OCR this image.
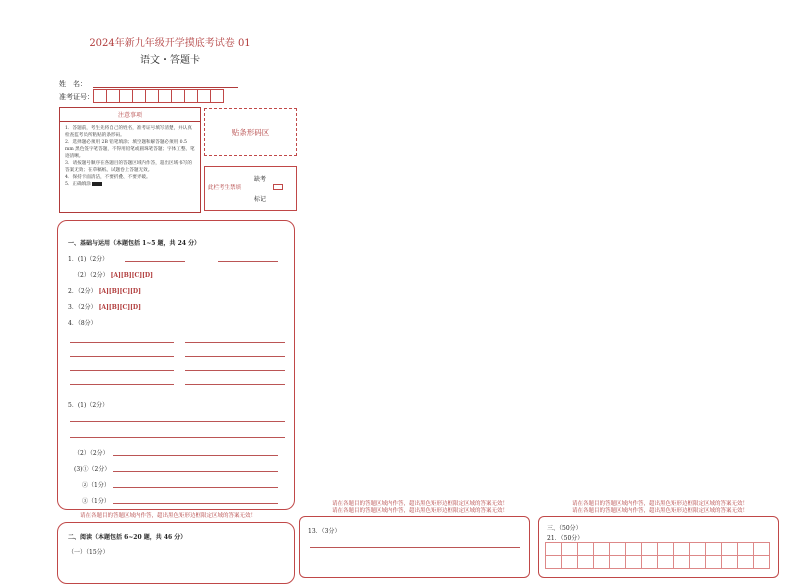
2024年新九年级开学摸底考试卷 01
语文・答题卡
姓　名：
准考证号：
注意事项
1．答题前，考生先将自己的姓名，准考证号填写清楚，并认真检查监考员所粘贴的条形码。
2．选择题必须用 2B 铅笔填涂；填空题和解答题必须用 0.5 mm 黑色签字笔答题，不得用铅笔或圆珠笔答题；字体工整、笔迹清晰。
3．请按题号顺序在各题目的答题区域内作答，超出区域书写的答案无效；在草稿纸、试题卷上答题无效。
4．保持卡面清洁，不要折叠、不要弄破。
5．正确填涂
贴条形码区
缺考
此栏考生禁填
标记
一、基础与运用（本题包括 1~5 题，共 24 分）
1．(1)（2分）
（2）（2分） [A][B][C][D]
2．（2分） [A][B][C][D]
3．（2分） [A][B][C][D]
4．（8分）
5．(1)（2分）
（2）（2分）
(3)①（2分）
②（1分）
③（1分）
请在各题目的答题区域内作答，超出黑色矩形边框限定区域的答案无效！
二、阅读（本题包括 6~20 题，共 46 分）
（一）（15分）
请在各题目的答题区域内作答，超出黑色矩形边框限定区域的答案无效！
请在各题目的答题区域内作答，超出黑色矩形边框限定区域的答案无效！
13．（3分）
请在各题目的答题区域内作答，超出黑色矩形边框限定区域的答案无效！
请在各题目的答题区域内作答，超出黑色矩形边框限定区域的答案无效！
三、（50分）
21．（50分）
